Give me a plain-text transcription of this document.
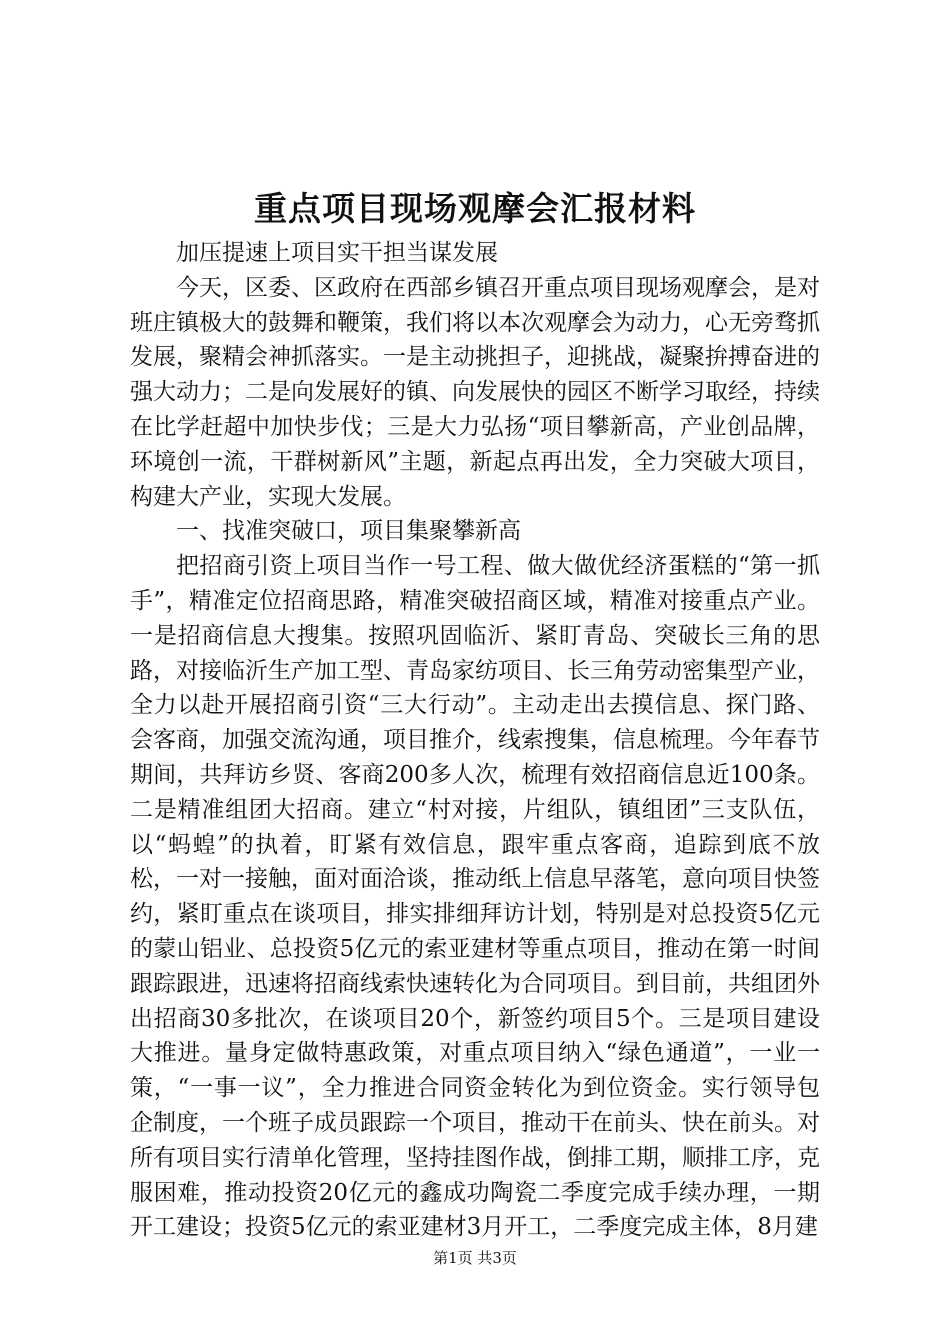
重点项目现场观摩会汇报材料

加压提速上项目实干担当谋发展

今天，区委、区政府在西部乡镇召开重点项目现场观摩会，是对班庄镇极大的鼓舞和鞭策，我们将以本次观摩会为动力，心无旁骛抓发展，聚精会神抓落实。一是主动挑担子，迎挑战，凝聚拚搏奋进的强大动力；二是向发展好的镇、向发展快的园区不断学习取经，持续在比学赶超中加快步伐；三是大力弘扬“项目攀新高，产业创品牌，环境创一流，干群树新风”主题，新起点再出发，全力突破大项目，构建大产业，实现大发展。

一、找准突破口，项目集聚攀新高

把招商引资上项目当作一号工程、做大做优经济蛋糕的“第一抓手”，精准定位招商思路，精准突破招商区域，精准对接重点产业。一是招商信息大搜集。按照巩固临沂、紧盯青岛、突破长三角的思路，对接临沂生产加工型、青岛家纺项目、长三角劳动密集型产业，全力以赴开展招商引资“三大行动”。主动走出去摸信息、探门路、会客商，加强交流沟通，项目推介，线索搜集，信息梳理。今年春节期间，共拜访乡贤、客商200多人次，梳理有效招商信息近100条。二是精准组团大招商。建立“村对接，片组队，镇组团”三支队伍，以“蚂蝗”的执着，盯紧有效信息，跟牢重点客商，追踪到底不放松，一对一接触，面对面洽谈，推动纸上信息早落笔，意向项目快签约，紧盯重点在谈项目，排实排细拜访计划，特别是对总投资5亿元的蒙山铝业、总投资5亿元的索亚建材等重点项目，推动在第一时间跟踪跟进，迅速将招商线索快速转化为合同项目。到目前，共组团外出招商30多批次，在谈项目20个，新签约项目5个。三是项目建设大推进。量身定做特惠政策，对重点项目纳入“绿色通道”，一业一策，“一事一议”，全力推进合同资金转化为到位资金。实行领导包企制度，一个班子成员跟踪一个项目，推动干在前头、快在前头。对所有项目实行清单化管理，坚持挂图作战，倒排工期，顺排工序，克服困难，推动投资20亿元的鑫成功陶瓷二季度完成手续办理，一期开工建设；投资5亿元的索亚建材3月开工，二季度完成主体，8月建

第1页 共3页
